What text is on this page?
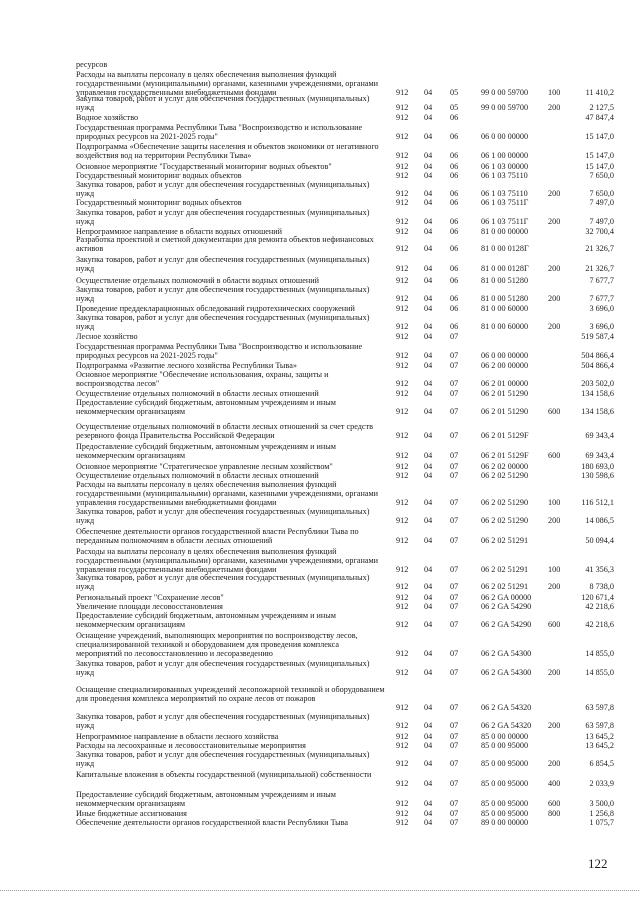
ресурсов
Расходы на выплаты персоналу в целях обеспечения выполнения функций государственными (муниципальными) органами, казенными учреждениями, органами управления государственными внебюджетными фондами	912	04	05	99 0 00 59700	100	11 410,2
Закупка товаров, работ и услуг для обеспечения государственных (муниципальных) нужд	912	04	05	99 0 00 59700	200	2 127,5
Водное хозяйство	912	04	06	47 847,4
Государственная программа Республики Тыва "Воспроизводство и использование природных ресурсов на 2021-2025 годы"	912	04	06	06 0 00 00000	15 147,0
Подпрограмма «Обеспечение защиты населения и объектов экономики от негативного воздействия вод на территории Республики Тыва»	912	04	06	06 1 00 00000	15 147,0
Основное мероприятие "Государственный мониторинг водных объектов"	912	04	06	06 1 03 00000	15 147,0
Государственный мониторинг водных объектов	912	04	06	06 1 03 75110	7 650,0
Закупка товаров, работ и услуг для обеспечения государственных (муниципальных) нужд	912	04	06	06 1 03 75110	200	7 650,0
Государственный мониторинг водных объектов	912	04	06	06 1 03 7511Г	7 497,0
Закупка товаров, работ и услуг для обеспечения государственных (муниципальных) нужд	912	04	06	06 1 03 7511Г	200	7 497,0
Непрограммное направление в области водных отношений	912	04	06	81 0 00 00000	32 700,4
Разработка проектной и сметной документации для ремонта объектов нефинансовых активов	912	04	06	81 0 00 0128Г	21 326,7
Закупка товаров, работ и услуг для обеспечения государственных (муниципальных) нужд	912	04	06	81 0 00 0128Г	200	21 326,7
Осуществление отдельных полномочий в области водных отношений	912	04	06	81 0 00 51280	7 677,7
Закупка товаров, работ и услуг для обеспечения государственных (муниципальных) нужд	912	04	06	81 0 00 51280	200	7 677,7
Проведение преддекларационных обследований гидротехнических сооружений	912	04	06	81 0 00 60000	3 696,0
Закупка товаров, работ и услуг для обеспечения государственных (муниципальных) нужд	912	04	06	81 0 00 60000	200	3 696,0
Лесное хозяйство	912	04	07	519 587,4
Государственная программа Республики Тыва "Воспроизводство и использование природных ресурсов на 2021-2025 годы"	912	04	07	06 0 00 00000	504 866,4
Подпрограмма «Развитие лесного хозяйства Республики Тыва»	912	04	07	06 2 00 00000	504 866,4
Основное мероприятие "Обеспечение использования, охраны, защиты и воспроизводства лесов"	912	04	07	06 2 01 00000	203 502,0
Осуществление отдельных полномочий в области лесных отношений	912	04	07	06 2 01 51290	134 158,6
Предоставление субсидий бюджетным, автономным учреждениям и иным некоммерческим организациям	912	04	07	06 2 01 51290	600	134 158,6
Осуществление отдельных полномочий в области лесных отношений за счет средств резервного фонда Правительства Российской Федерации	912	04	07	06 2 01 5129F	69 343,4
Предоставление субсидий бюджетным, автономным учреждениям и иным некоммерческим организациям	912	04	07	06 2 01 5129F	600	69 343,4
Основное мероприятие "Стратегическое управление лесным хозяйством"	912	04	07	06 2 02 00000	180 693,0
Осуществление отдельных полномочий в области лесных отношений	912	04	07	06 2 02 51290	130 598,6
Расходы на выплаты персоналу в целях обеспечения выполнения функций государственными (муниципальными) органами, казенными учреждениями, органами управления государственными внебюджетными фондами	912	04	07	06 2 02 51290	100	116 512,1
Закупка товаров, работ и услуг для обеспечения государственных (муниципальных) нужд	912	04	07	06 2 02 51290	200	14 086,5
Обеспечение деятельности органов государственной власти Республики Тыва по переданным полномочиям в области лесных отношений	912	04	07	06 2 02 51291	50 094,4
Расходы на выплаты персоналу в целях обеспечения выполнения функций государственными (муниципальными) органами, казенными учреждениями, органами управления государственными внебюджетными фондами	912	04	07	06 2 02 51291	100	41 356,3
Закупка товаров, работ и услуг для обеспечения государственных (муниципальных) нужд	912	04	07	06 2 02 51291	200	8 738,0
Региональный проект "Сохранение лесов"	912	04	07	06 2 GA 00000	120 671,4
Увеличение площади лесовосстановления	912	04	07	06 2 GA 54290	42 218,6
Предоставление субсидий бюджетным, автономным учреждениям и иным некоммерческим организациям	912	04	07	06 2 GA 54290	600	42 218,6
Оснащение учреждений, выполняющих мероприятия по воспроизводству лесов, специализированной техникой и оборудованием для проведения комплекса мероприятий по лесовосстановлению и лесоразведению	912	04	07	06 2 GA 54300	14 855,0
Закупка товаров, работ и услуг для обеспечения государственных (муниципальных) нужд	912	04	07	06 2 GA 54300	200	14 855,0
Оснащение специализированных учреждений лесопожарной техникой и оборудованием для проведения комплекса мероприятий по охране лесов от пожаров
912	04	07	06 2 GA 54320	63 597,8
Закупка товаров, работ и услуг для обеспечения государственных (муниципальных) нужд	912	04	07	06 2 GA 54320	200	63 597,8
Непрограммное направление в области лесного хозяйства	912	04	07	85 0 00 00000	13 645,2
Расходы на лесоохранные и лесовосстановительные мероприятия	912	04	07	85 0 00 95000	13 645,2
Закупка товаров, работ и услуг для обеспечения государственных (муниципальных) нужд	912	04	07	85 0 00 95000	200	6 854,5
Капитальные вложения в объекты государственной (муниципальной) собственности
912	04	07	85 0 00 95000	400	2 033,9
Предоставление субсидий бюджетным, автономным учреждениям и иным некоммерческим организациям	912	04	07	85 0 00 95000	600	3 500,0
Иные бюджетные ассигнования	912	04	07	85 0 00 95000	800	1 256,8
Обеспечение деятельности органов государственной власти Республики Тыва	912	04	07	89 0 00 00000	1 075,7
122
